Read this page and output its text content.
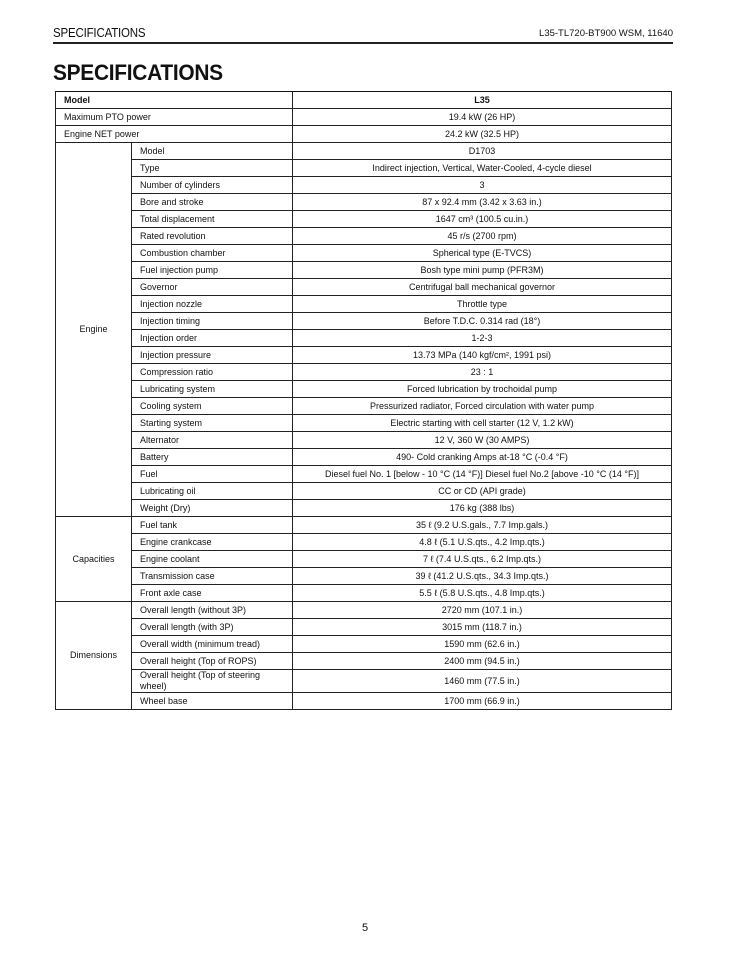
SPECIFICATIONS	L35-TL720-BT900 WSM, 11640
SPECIFICATIONS
Model		L35
Maximum PTO power		19.4 kW (26 HP)
Engine NET power		24.2 kW (32.5 HP)
Engine	Model	D1703
	Type	Indirect injection, Vertical, Water-Cooled, 4-cycle diesel
	Number of cylinders	3
	Bore and stroke	87 x 92.4 mm (3.42 x 3.63 in.)
	Total displacement	1647 cm³ (100.5 cu.in.)
	Rated revolution	45 r/s (2700 rpm)
	Combustion chamber	Spherical type (E-TVCS)
	Fuel injection pump	Bosh type mini pump (PFR3M)
	Governor	Centrifugal ball mechanical governor
	Injection nozzle	Throttle type
	Injection timing	Before T.D.C. 0.314 rad (18°)
	Injection order	1-2-3
	Injection pressure	13.73 MPa (140 kgf/cm², 1991 psi)
	Compression ratio	23 : 1
	Lubricating system	Forced lubrication by trochoidal pump
	Cooling system	Pressurized radiator, Forced circulation with water pump
	Starting system	Electric starting with cell starter (12 V, 1.2 kW)
	Alternator	12 V, 360 W (30 AMPS)
	Battery	490- Cold cranking Amps at-18 °C (-0.4 °F)
	Fuel	Diesel fuel No. 1 [below - 10 °C (14 °F)] Diesel fuel No.2 [above -10 °C (14 °F)]
	Lubricating oil	CC or CD (API grade)
	Weight (Dry)	176 kg (388 lbs)
Capacities	Fuel tank	35 ℓ (9.2 U.S.gals., 7.7 Imp.gals.)
	Engine crankcase	4.8 ℓ (5.1 U.S.qts., 4.2 Imp.qts.)
	Engine coolant	7 ℓ (7.4 U.S.qts., 6.2 Imp.qts.)
	Transmission case	39 ℓ (41.2 U.S.qts., 34.3 Imp.qts.)
	Front axle case	5.5 ℓ (5.8 U.S.qts., 4.8 Imp.qts.)
Dimensions	Overall length (without 3P)	2720 mm (107.1 in.)
	Overall length (with 3P)	3015 mm (118.7 in.)
	Overall width (minimum tread)	1590 mm (62.6 in.)
	Overall height (Top of ROPS)	2400 mm (94.5 in.)
	Overall height (Top of steering wheel)	1460 mm (77.5 in.)
	Wheel base	1700 mm (66.9 in.)
5
